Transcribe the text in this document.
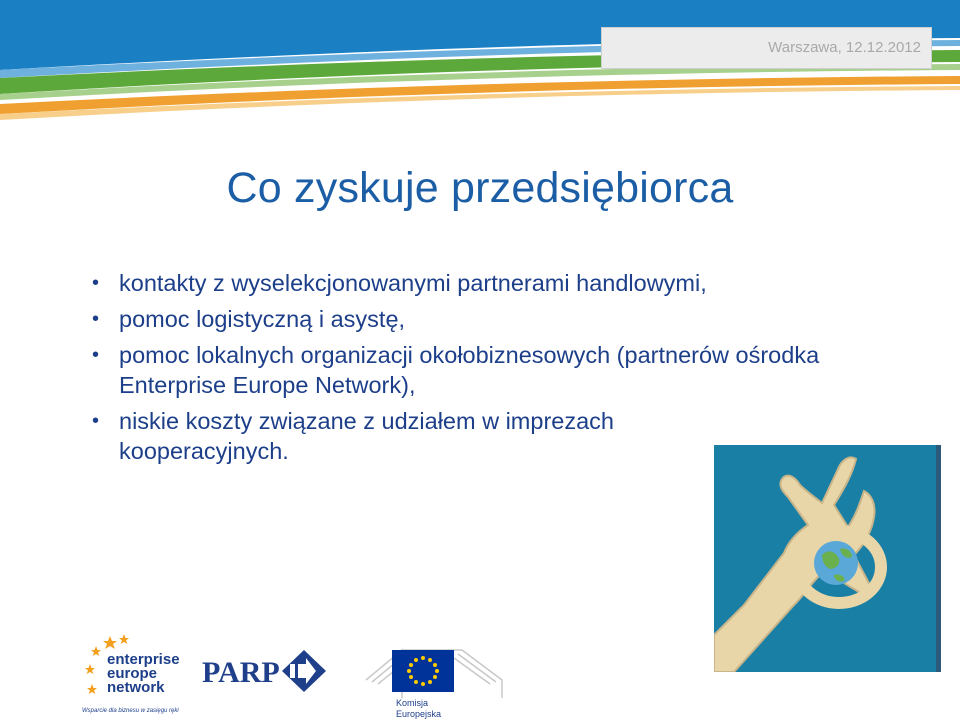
Warszawa, 12.12.2012
Co zyskuje przedsiębiorca
• kontakty z wyselekcjonowanymi partnerami handlowymi,
• pomoc logistyczną i asystę,
• pomoc lokalnych organizacji okołobiznesowych (partnerów ośrodka Enterprise Europe Network),
• niskie koszty związane z udziałem w imprezach kooperacyjnych.
enterprise
europe
network
Wsparcie dla biznesu w zasięgu ręki
PARP
Komisja
Europejska
